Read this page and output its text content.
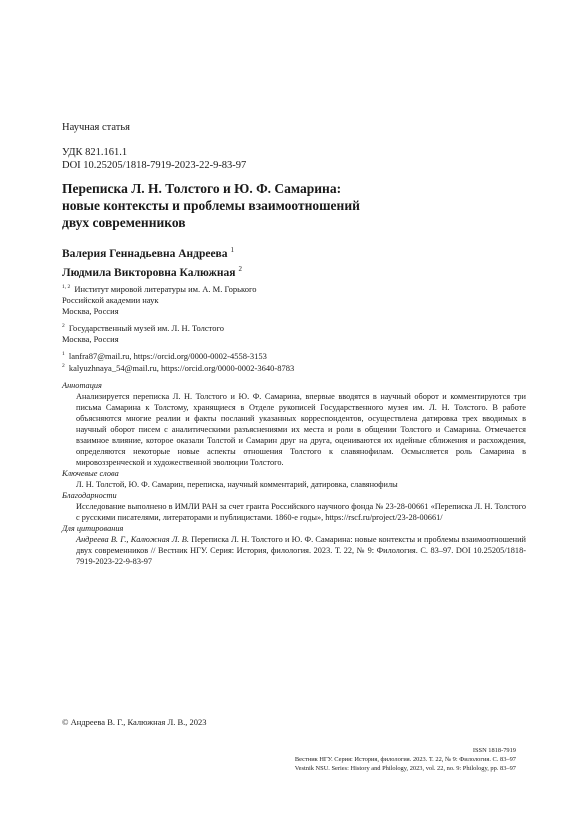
Научная статья
УДК 821.161.1
DOI 10.25205/1818-7919-2023-22-9-83-97
Переписка Л. Н. Толстого и Ю. Ф. Самарина:
новые контексты и проблемы взаимоотношений
двух современников
Валерия Геннадьевна Андреева $^1$
Людмила Викторовна Калюжная $^2$
$^{1, 2}$ Институт мировой литературы им. А. М. Горького
Российской академии наук
Москва, Россия
$^2$ Государственный музей им. Л. Н. Толстого
Москва, Россия
$^1$ lanfra87@mail.ru, https://orcid.org/0000-0002-4558-3153
$^2$ kalyuzhnaya_54@mail.ru, https://orcid.org/0000-0002-3640-8783
Аннотация
Анализируется переписка Л. Н. Толстого и Ю. Ф. Самарина, впервые вводятся в научный оборот и комментируются три письма Самарина к Толстому, хранящиеся в Отделе рукописей Государственного музея им. Л. Н. Толстого. В работе объясняются многие реалии и факты посланий указанных корреспондентов, осуществлена датировка трех вводимых в научный оборот писем с аналитическими разъяснениями их места и роли в общении Толстого и Самарина. Отмечается взаимное влияние, которое оказали Толстой и Самарин друг на друга, оцениваются их идейные сближения и расхождения, определяются некоторые новые аспекты отношения Толстого к славянофилам. Осмысляется роль Самарина в мировоззренческой и художественной эволюции Толстого.
Ключевые слова
Л. Н. Толстой, Ю. Ф. Самарин, переписка, научный комментарий, датировка, славянофилы
Благодарности
Исследование выполнено в ИМЛИ РАН за счет гранта Российского научного фонда № 23-28-00661 «Переписка Л. Н. Толстого с русскими писателями, литераторами и публицистами. 1860-е годы», https://rscf.ru/project/23-28-00661/
Для цитирования
Андреева В. Г., Калюжная Л. В. Переписка Л. Н. Толстого и Ю. Ф. Самарина: новые контексты и проблемы взаимоотношений двух современников // Вестник НГУ. Серия: История, филология. 2023. Т. 22, № 9: Филология. С. 83–97. DOI 10.25205/1818-7919-2023-22-9-83-97
© Андреева В. Г., Калюжная Л. В., 2023
ISSN 1818-7919
Вестник НГУ. Серия: История, филология. 2023. Т. 22, № 9: Филология. С. 83–97
Vestnik NSU. Series: History and Philology, 2023, vol. 22, no. 9: Philology, pp. 83–97
